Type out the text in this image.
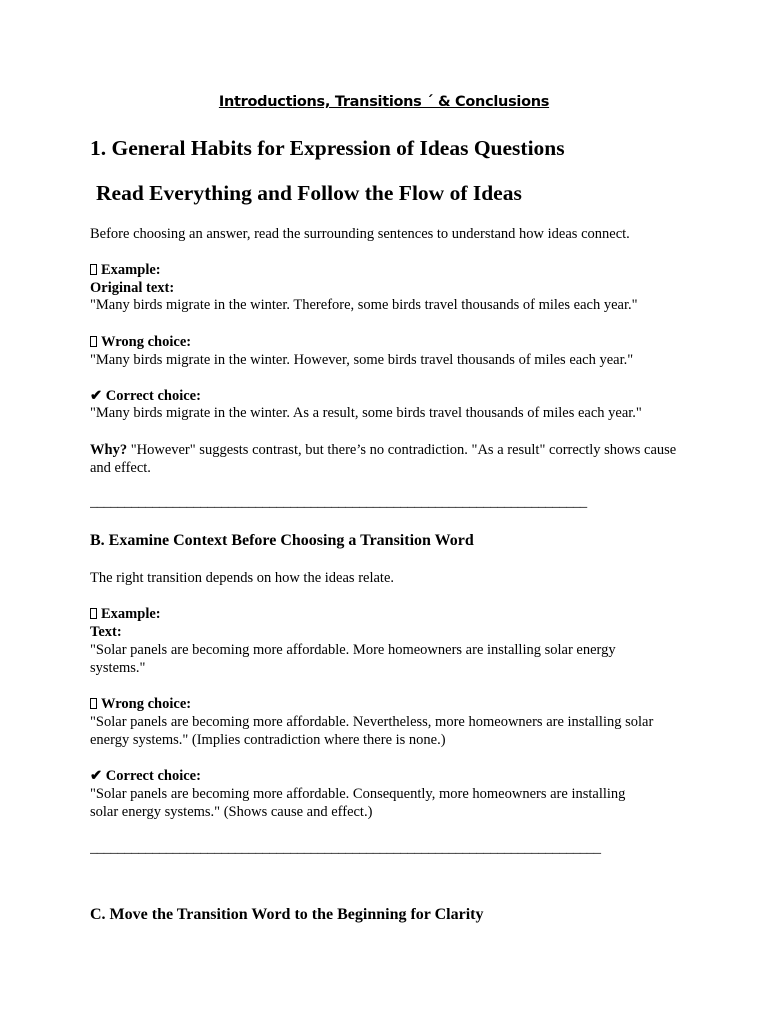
Introductions, Transitions ´ & Conclusions
1. General Habits for Expression of Ideas Questions
Read Everything and Follow the Flow of Ideas
Before choosing an answer, read the surrounding sentences to understand how ideas connect.
Example:
Original text:
"Many birds migrate in the winter. Therefore, some birds travel thousands of miles each year."
Wrong choice:
"Many birds migrate in the winter. However, some birds travel thousands of miles each year."
✔ Correct choice:
"Many birds migrate in the winter. As a result, some birds travel thousands of miles each year."
Why? "However" suggests contrast, but there’s no contradiction. "As a result" correctly shows cause and effect.
________________________________________________________________________
B. Examine Context Before Choosing a Transition Word
The right transition depends on how the ideas relate.
Example:
Text:
"Solar panels are becoming more affordable. More homeowners are installing solar energy systems."
Wrong choice:
"Solar panels are becoming more affordable. Nevertheless, more homeowners are installing solar energy systems." (Implies contradiction where there is none.)
✔ Correct choice:
"Solar panels are becoming more affordable. Consequently, more homeowners are installing solar energy systems." (Shows cause and effect.)
__________________________________________________________________________
C. Move the Transition Word to the Beginning for Clarity
